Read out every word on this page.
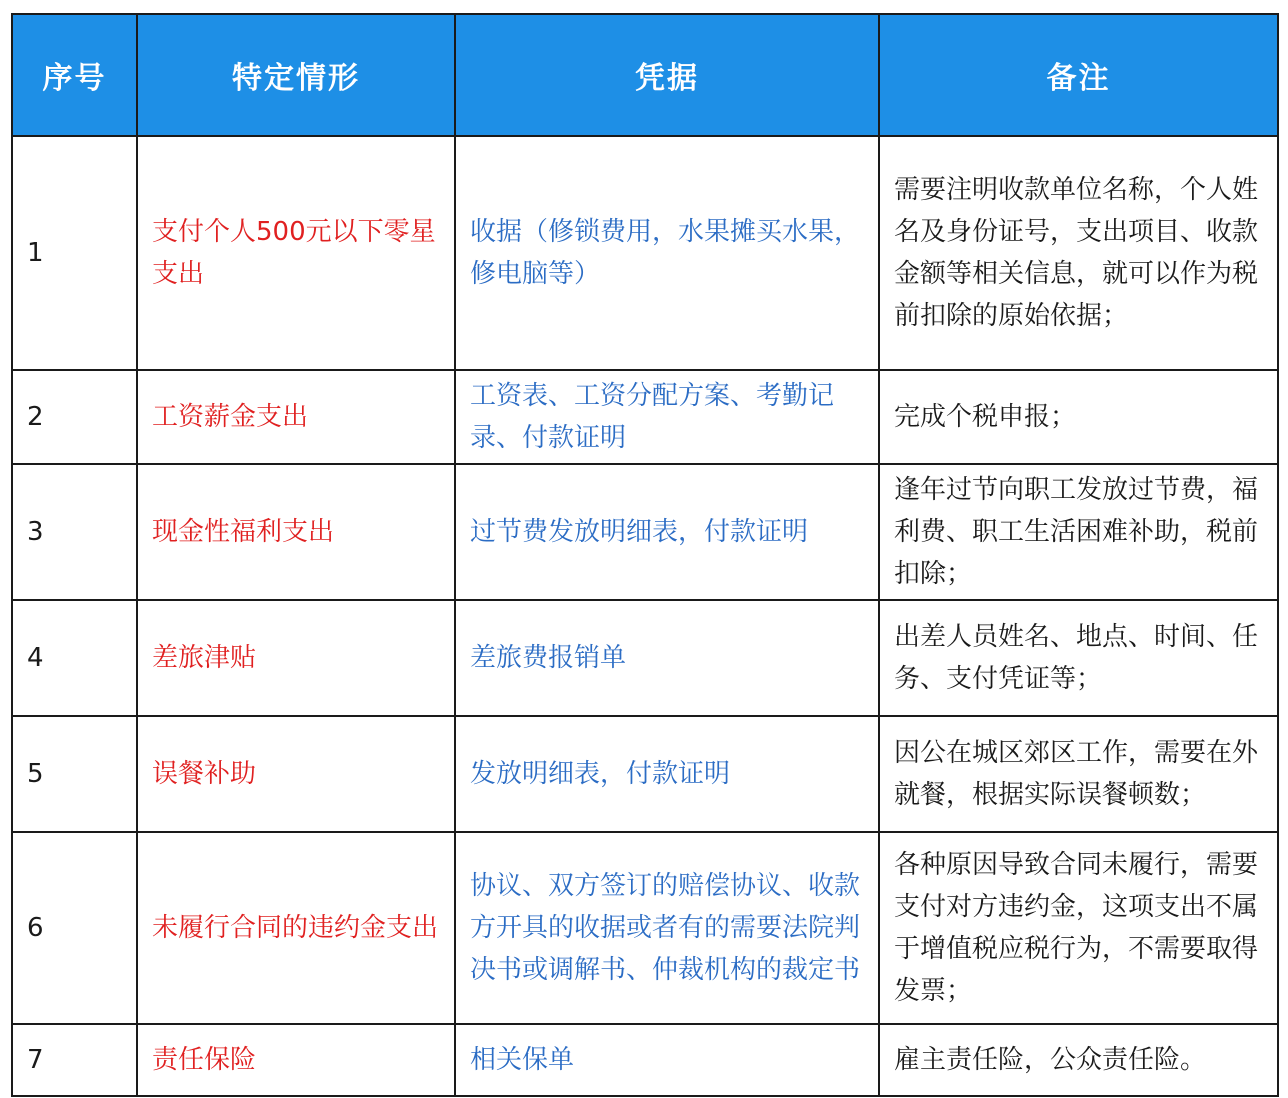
序号	特定情形	凭据	备注
1	支付个人500元以下零星支出	收据（修锁费用，水果摊买水果，修电脑等）	需要注明收款单位名称，个人姓名及身份证号，支出项目、收款金额等相关信息，就可以作为税前扣除的原始依据；
2	工资薪金支出	工资表、工资分配方案、考勤记录、付款证明	完成个税申报；
3	现金性福利支出	过节费发放明细表，付款证明	逢年过节向职工发放过节费，福利费、职工生活困难补助，税前扣除；
4	差旅津贴	差旅费报销单	出差人员姓名、地点、时间、任务、支付凭证等；
5	误餐补助	发放明细表，付款证明	因公在城区郊区工作，需要在外就餐，根据实际误餐顿数；
6	未履行合同的违约金支出	协议、双方签订的赔偿协议、收款方开具的收据或者有的需要法院判决书或调解书、仲裁机构的裁定书	各种原因导致合同未履行，需要支付对方违约金，这项支出不属于增值税应税行为，不需要取得发票；
7	责任保险	相关保单	雇主责任险，公众责任险。
